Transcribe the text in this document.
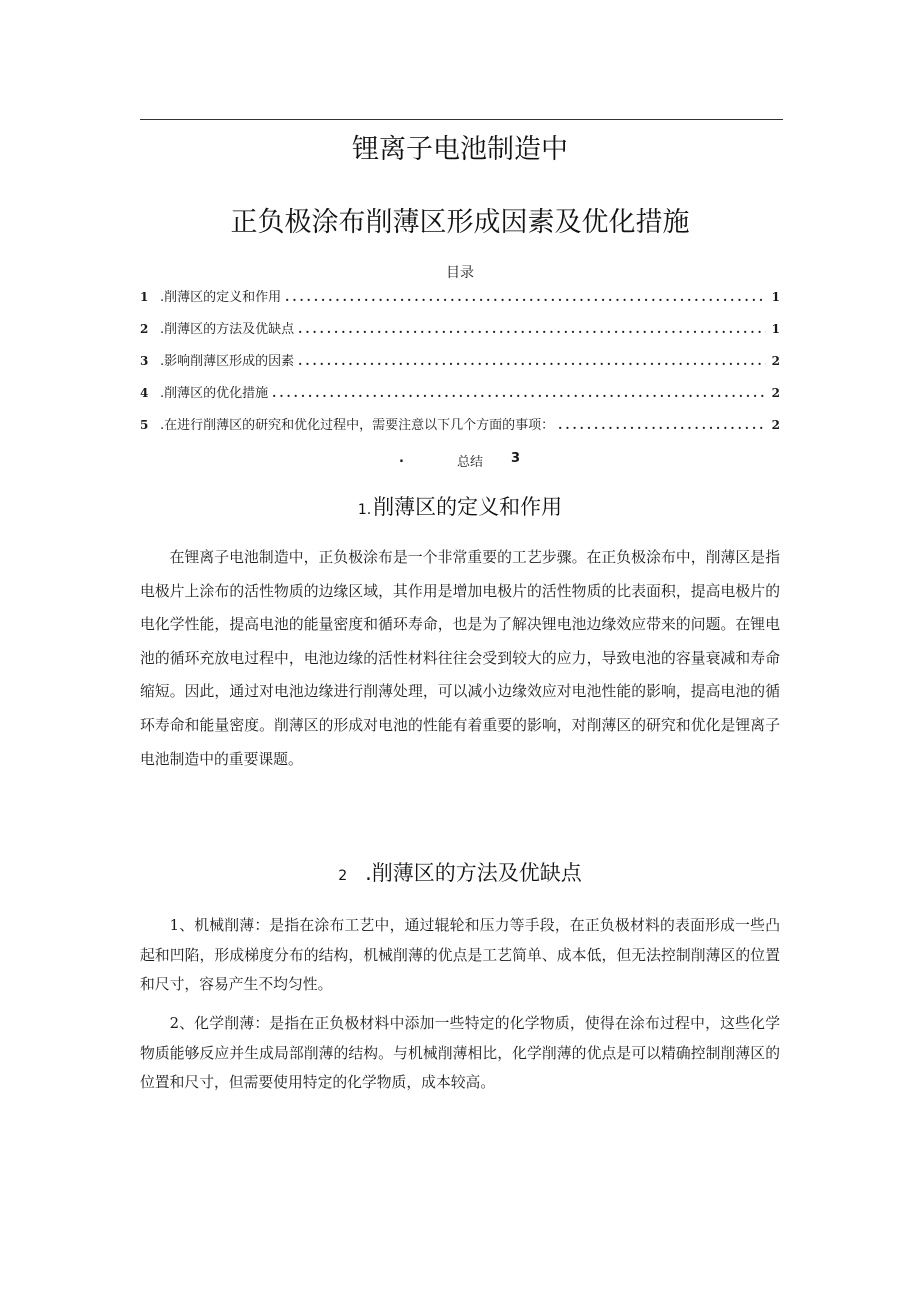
锂离子电池制造中
正负极涂布削薄区形成因素及优化措施
目录
1 .削薄区的定义和作用 .....	1
2 .削薄区的方法及优缺点 .....	1
3 .影响削薄区形成的因素 .....	2
4 .削薄区的优化措施 .....	2
5 .在进行削薄区的研究和优化过程中，需要注意以下几个方面的事项： .....	2
.	总结 3
1.削薄区的定义和作用

在锂离子电池制造中，正负极涂布是一个非常重要的工艺步骤。在正负极涂布中，削薄区是指电极片上涂布的活性物质的边缘区域，其作用是增加电极片的活性物质的比表面积，提高电极片的电化学性能，提高电池的能量密度和循环寿命，也是为了解决锂电池边缘效应带来的问题。在锂电池的循环充放电过程中，电池边缘的活性材料往往会受到较大的应力，导致电池的容量衰减和寿命缩短。因此，通过对电池边缘进行削薄处理，可以减小边缘效应对电池性能的影响，提高电池的循环寿命和能量密度。削薄区的形成对电池的性能有着重要的影响，对削薄区的研究和优化是锂离子电池制造中的重要课题。

2 .削薄区的方法及优缺点

1、机械削薄：是指在涂布工艺中，通过辊轮和压力等手段，在正负极材料的表面形成一些凸起和凹陷，形成梯度分布的结构，机械削薄的优点是工艺简单、成本低，但无法控制削薄区的位置和尺寸，容易产生不均匀性。

2、化学削薄：是指在正负极材料中添加一些特定的化学物质，使得在涂布过程中，这些化学物质能够反应并生成局部削薄的结构。与机械削薄相比，化学削薄的优点是可以精确控制削薄区的位置和尺寸，但需要使用特定的化学物质，成本较高。
